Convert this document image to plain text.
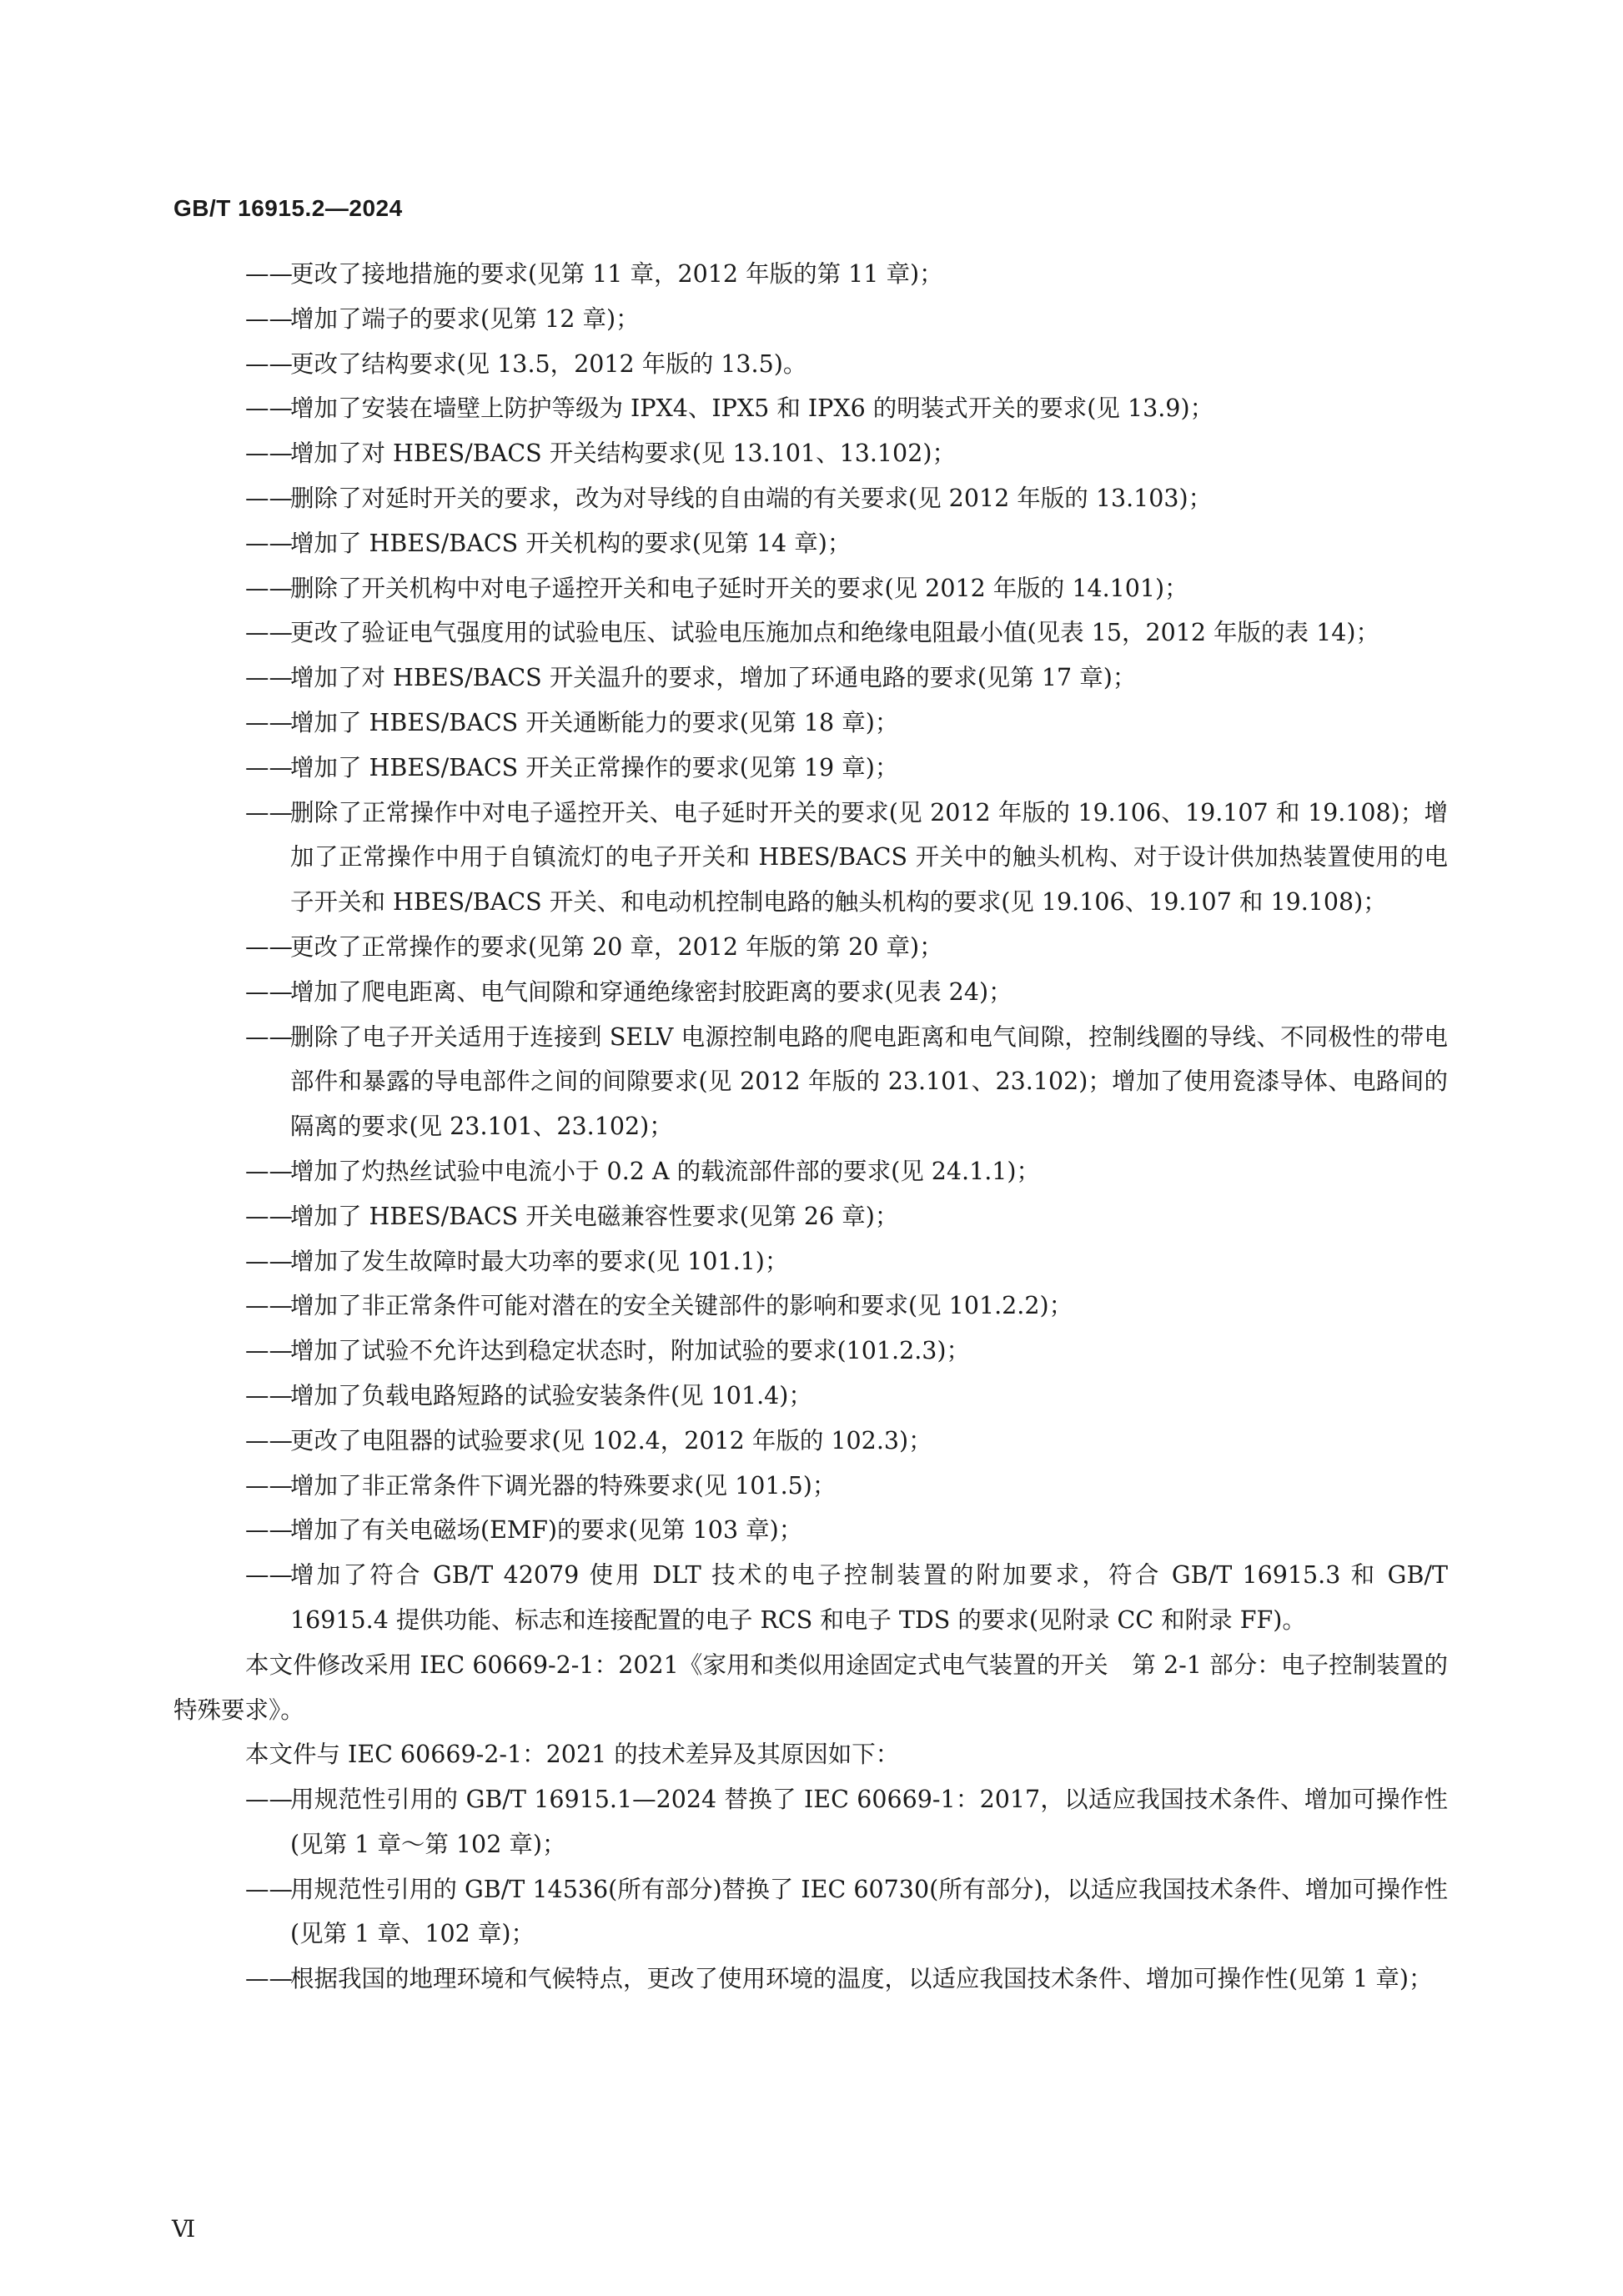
GB/T 16915.2—2024
——
更改了接地措施的要求(见第 11 章，2012 年版的第 11 章)；
——
增加了端子的要求(见第 12 章)；
——
更改了结构要求(见 13.5，2012 年版的 13.5)。
——
增加了安装在墙壁上防护等级为 IPX4、IPX5 和 IPX6 的明装式开关的要求(见 13.9)；
——
增加了对 HBES/BACS 开关结构要求(见 13.101、13.102)；
——
删除了对延时开关的要求，改为对导线的自由端的有关要求(见 2012 年版的 13.103)；
——
增加了 HBES/BACS 开关机构的要求(见第 14 章)；
——
删除了开关机构中对电子遥控开关和电子延时开关的要求(见 2012 年版的 14.101)；
——
更改了验证电气强度用的试验电压、试验电压施加点和绝缘电阻最小值(见表 15，2012 年版的表 14)；
——
增加了对 HBES/BACS 开关温升的要求，增加了环通电路的要求(见第 17 章)；
——
增加了 HBES/BACS 开关通断能力的要求(见第 18 章)；
——
增加了 HBES/BACS 开关正常操作的要求(见第 19 章)；
——
删除了正常操作中对电子遥控开关、电子延时开关的要求(见 2012 年版的 19.106、19.107 和 19.108)；增加了正常操作中用于自镇流灯的电子开关和 HBES/BACS 开关中的触头机构、对于设计供加热装置使用的电子开关和 HBES/BACS 开关、和电动机控制电路的触头机构的要求(见 19.106、19.107 和 19.108)；
——
更改了正常操作的要求(见第 20 章，2012 年版的第 20 章)；
——
增加了爬电距离、电气间隙和穿通绝缘密封胶距离的要求(见表 24)；
——
删除了电子开关适用于连接到 SELV 电源控制电路的爬电距离和电气间隙，控制线圈的导线、不同极性的带电部件和暴露的导电部件之间的间隙要求(见 2012 年版的 23.101、23.102)；增加了使用瓷漆导体、电路间的隔离的要求(见 23.101、23.102)；
——
增加了灼热丝试验中电流小于 0.2 A 的载流部件部的要求(见 24.1.1)；
——
增加了 HBES/BACS 开关电磁兼容性要求(见第 26 章)；
——
增加了发生故障时最大功率的要求(见 101.1)；
——
增加了非正常条件可能对潜在的安全关键部件的影响和要求(见 101.2.2)；
——
增加了试验不允许达到稳定状态时，附加试验的要求(101.2.3)；
——
增加了负载电路短路的试验安装条件(见 101.4)；
——
更改了电阻器的试验要求(见 102.4，2012 年版的 102.3)；
——
增加了非正常条件下调光器的特殊要求(见 101.5)；
——
增加了有关电磁场(EMF)的要求(见第 103 章)；
——
增加了符合 GB/T 42079 使用 DLT 技术的电子控制装置的附加要求，符合 GB/T 16915.3 和 GB/T 16915.4 提供功能、标志和连接配置的电子 RCS 和电子 TDS 的要求(见附录 CC 和附录 FF)。
本文件修改采用 IEC 60669-2-1：2021《家用和类似用途固定式电气装置的开关　第 2-1 部分：电子控制装置的特殊要求》。
本文件与 IEC 60669-2-1：2021 的技术差异及其原因如下：
——
用规范性引用的 GB/T 16915.1—2024 替换了 IEC 60669-1：2017，以适应我国技术条件、增加可操作性(见第 1 章～第 102 章)；
——
用规范性引用的 GB/T 14536(所有部分)替换了 IEC 60730(所有部分)，以适应我国技术条件、增加可操作性(见第 1 章、102 章)；
——
根据我国的地理环境和气候特点，更改了使用环境的温度，以适应我国技术条件、增加可操作性(见第 1 章)；
Ⅵ
